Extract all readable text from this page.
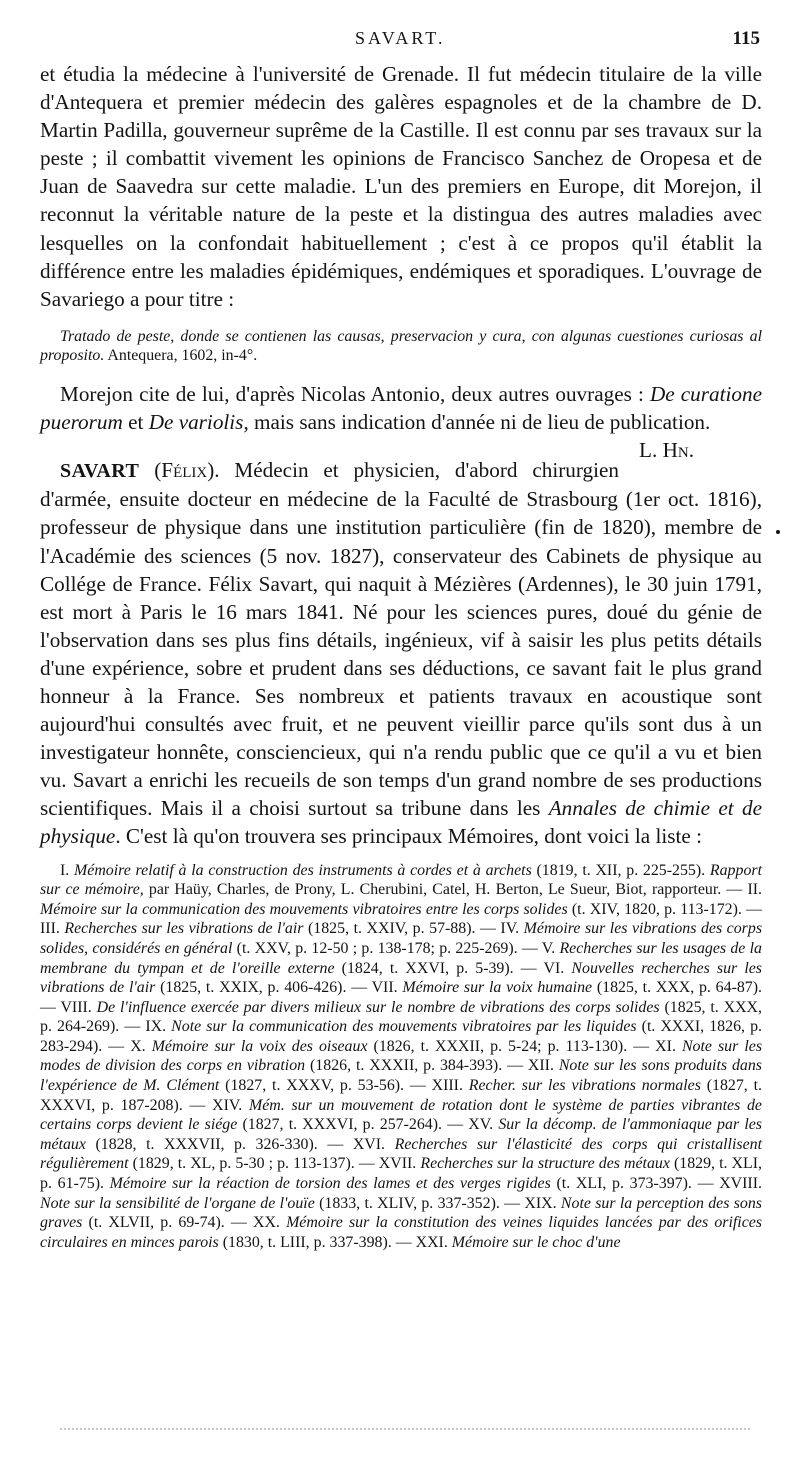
SAVART.	115

et étudia la médecine à l'université de Grenade. Il fut médecin titulaire de la ville d'Antequera et premier médecin des galères espagnoles et de la chambre de D. Martin Padilla, gouverneur suprême de la Castille. Il est connu par ses travaux sur la peste ; il combattit vivement les opinions de Francisco Sanchez de Oropesa et de Juan de Saavedra sur cette maladie. L'un des premiers en Europe, dit Morejon, il reconnut la véritable nature de la peste et la distingua des autres maladies avec lesquelles on la confondait habituellement ; c'est à ce propos qu'il établit la différence entre les maladies épidémiques, endémiques et sporadiques. L'ouvrage de Savariego a pour titre :

Tratado de peste, donde se contienen las causas, preservacion y cura, con algunas cuestiones curiosas al proposito. Antequera, 1602, in-4°.

Morejon cite de lui, d'après Nicolas Antonio, deux autres ouvrages : De curatione puerorum et De variolis, mais sans indication d'année ni de lieu de publication.
L. Hn.

SAVART (Félix). Médecin et physicien, d'abord chirurgien d'armée, ensuite docteur en médecine de la Faculté de Strasbourg (1er oct. 1816), professeur de physique dans une institution particulière (fin de 1820), membre de l'Académie des sciences (5 nov. 1827), conservateur des Cabinets de physique au Collége de France. Félix Savart, qui naquit à Mézières (Ardennes), le 30 juin 1791, est mort à Paris le 16 mars 1841. Né pour les sciences pures, doué du génie de l'observation dans ses plus fins détails, ingénieux, vif à saisir les plus petits détails d'une expérience, sobre et prudent dans ses déductions, ce savant fait le plus grand honneur à la France. Ses nombreux et patients travaux en acoustique sont aujourd'hui consultés avec fruit, et ne peuvent vieillir parce qu'ils sont dus à un investigateur honnête, consciencieux, qui n'a rendu public que ce qu'il a vu et bien vu. Savart a enrichi les recueils de son temps d'un grand nombre de ses productions scientifiques. Mais il a choisi surtout sa tribune dans les Annales de chimie et de physique. C'est là qu'on trouvera ses principaux Mémoires, dont voici la liste :

I. Mémoire relatif à la construction des instruments à cordes et à archets (1819, t. XII, p. 225-255). Rapport sur ce mémoire, par Haüy, Charles, de Prony, L. Cherubini, Catel, H. Berton, Le Sueur, Biot, rapporteur. — II. Mémoire sur la communication des mouvements vibratoires entre les corps solides (t. XIV, 1820, p. 113-172). — III. Recherches sur les vibrations de l'air (1825, t. XXIV, p. 57-88). — IV. Mémoire sur les vibrations des corps solides, considérés en général (t. XXV, p. 12-50 ; p. 138-178; p. 225-269). — V. Recherches sur les usages de la membrane du tympan et de l'oreille externe (1824, t. XXVI, p. 5-39). — VI. Nouvelles recherches sur les vibrations de l'air (1825, t. XXIX, p. 406-426). — VII. Mémoire sur la voix humaine (1825, t. XXX, p. 64-87). — VIII. De l'influence exercée par divers milieux sur le nombre de vibrations des corps solides (1825, t. XXX, p. 264-269). — IX. Note sur la communication des mouvements vibratoires par les liquides (t. XXXI, 1826, p. 283-294). — X. Mémoire sur la voix des oiseaux (1826, t. XXXII, p. 5-24; p. 113-130). — XI. Note sur les modes de division des corps en vibration (1826, t. XXXII, p. 384-393). — XII. Note sur les sons produits dans l'expérience de M. Clément (1827, t. XXXV, p. 53-56). — XIII. Recher. sur les vibrations normales (1827, t. XXXVI, p. 187-208). — XIV. Mém. sur un mouvement de rotation dont le système de parties vibrantes de certains corps devient le siége (1827, t. XXXVI, p. 257-264). — XV. Sur la décomp. de l'ammoniaque par les métaux (1828, t. XXXVII, p. 326-330). — XVI. Recherches sur l'élasticité des corps qui cristallisent régulièrement (1829, t. XL, p. 5-30 ; p. 113-137). — XVII. Recherches sur la structure des métaux (1829, t. XLI, p. 61-75). Mémoire sur la réaction de torsion des lames et des verges rigides (t. XLI, p. 373-397). — XVIII. Note sur la sensibilité de l'organe de l'ouïe (1833, t. XLIV, p. 337-352). — XIX. Note sur la perception des sons graves (t. XLVII, p. 69-74). — XX. Mémoire sur la constitution des veines liquides lancées par des orifices circulaires en minces parois (1830, t. LIII, p. 337-398). — XXI. Mémoire sur le choc d'une
